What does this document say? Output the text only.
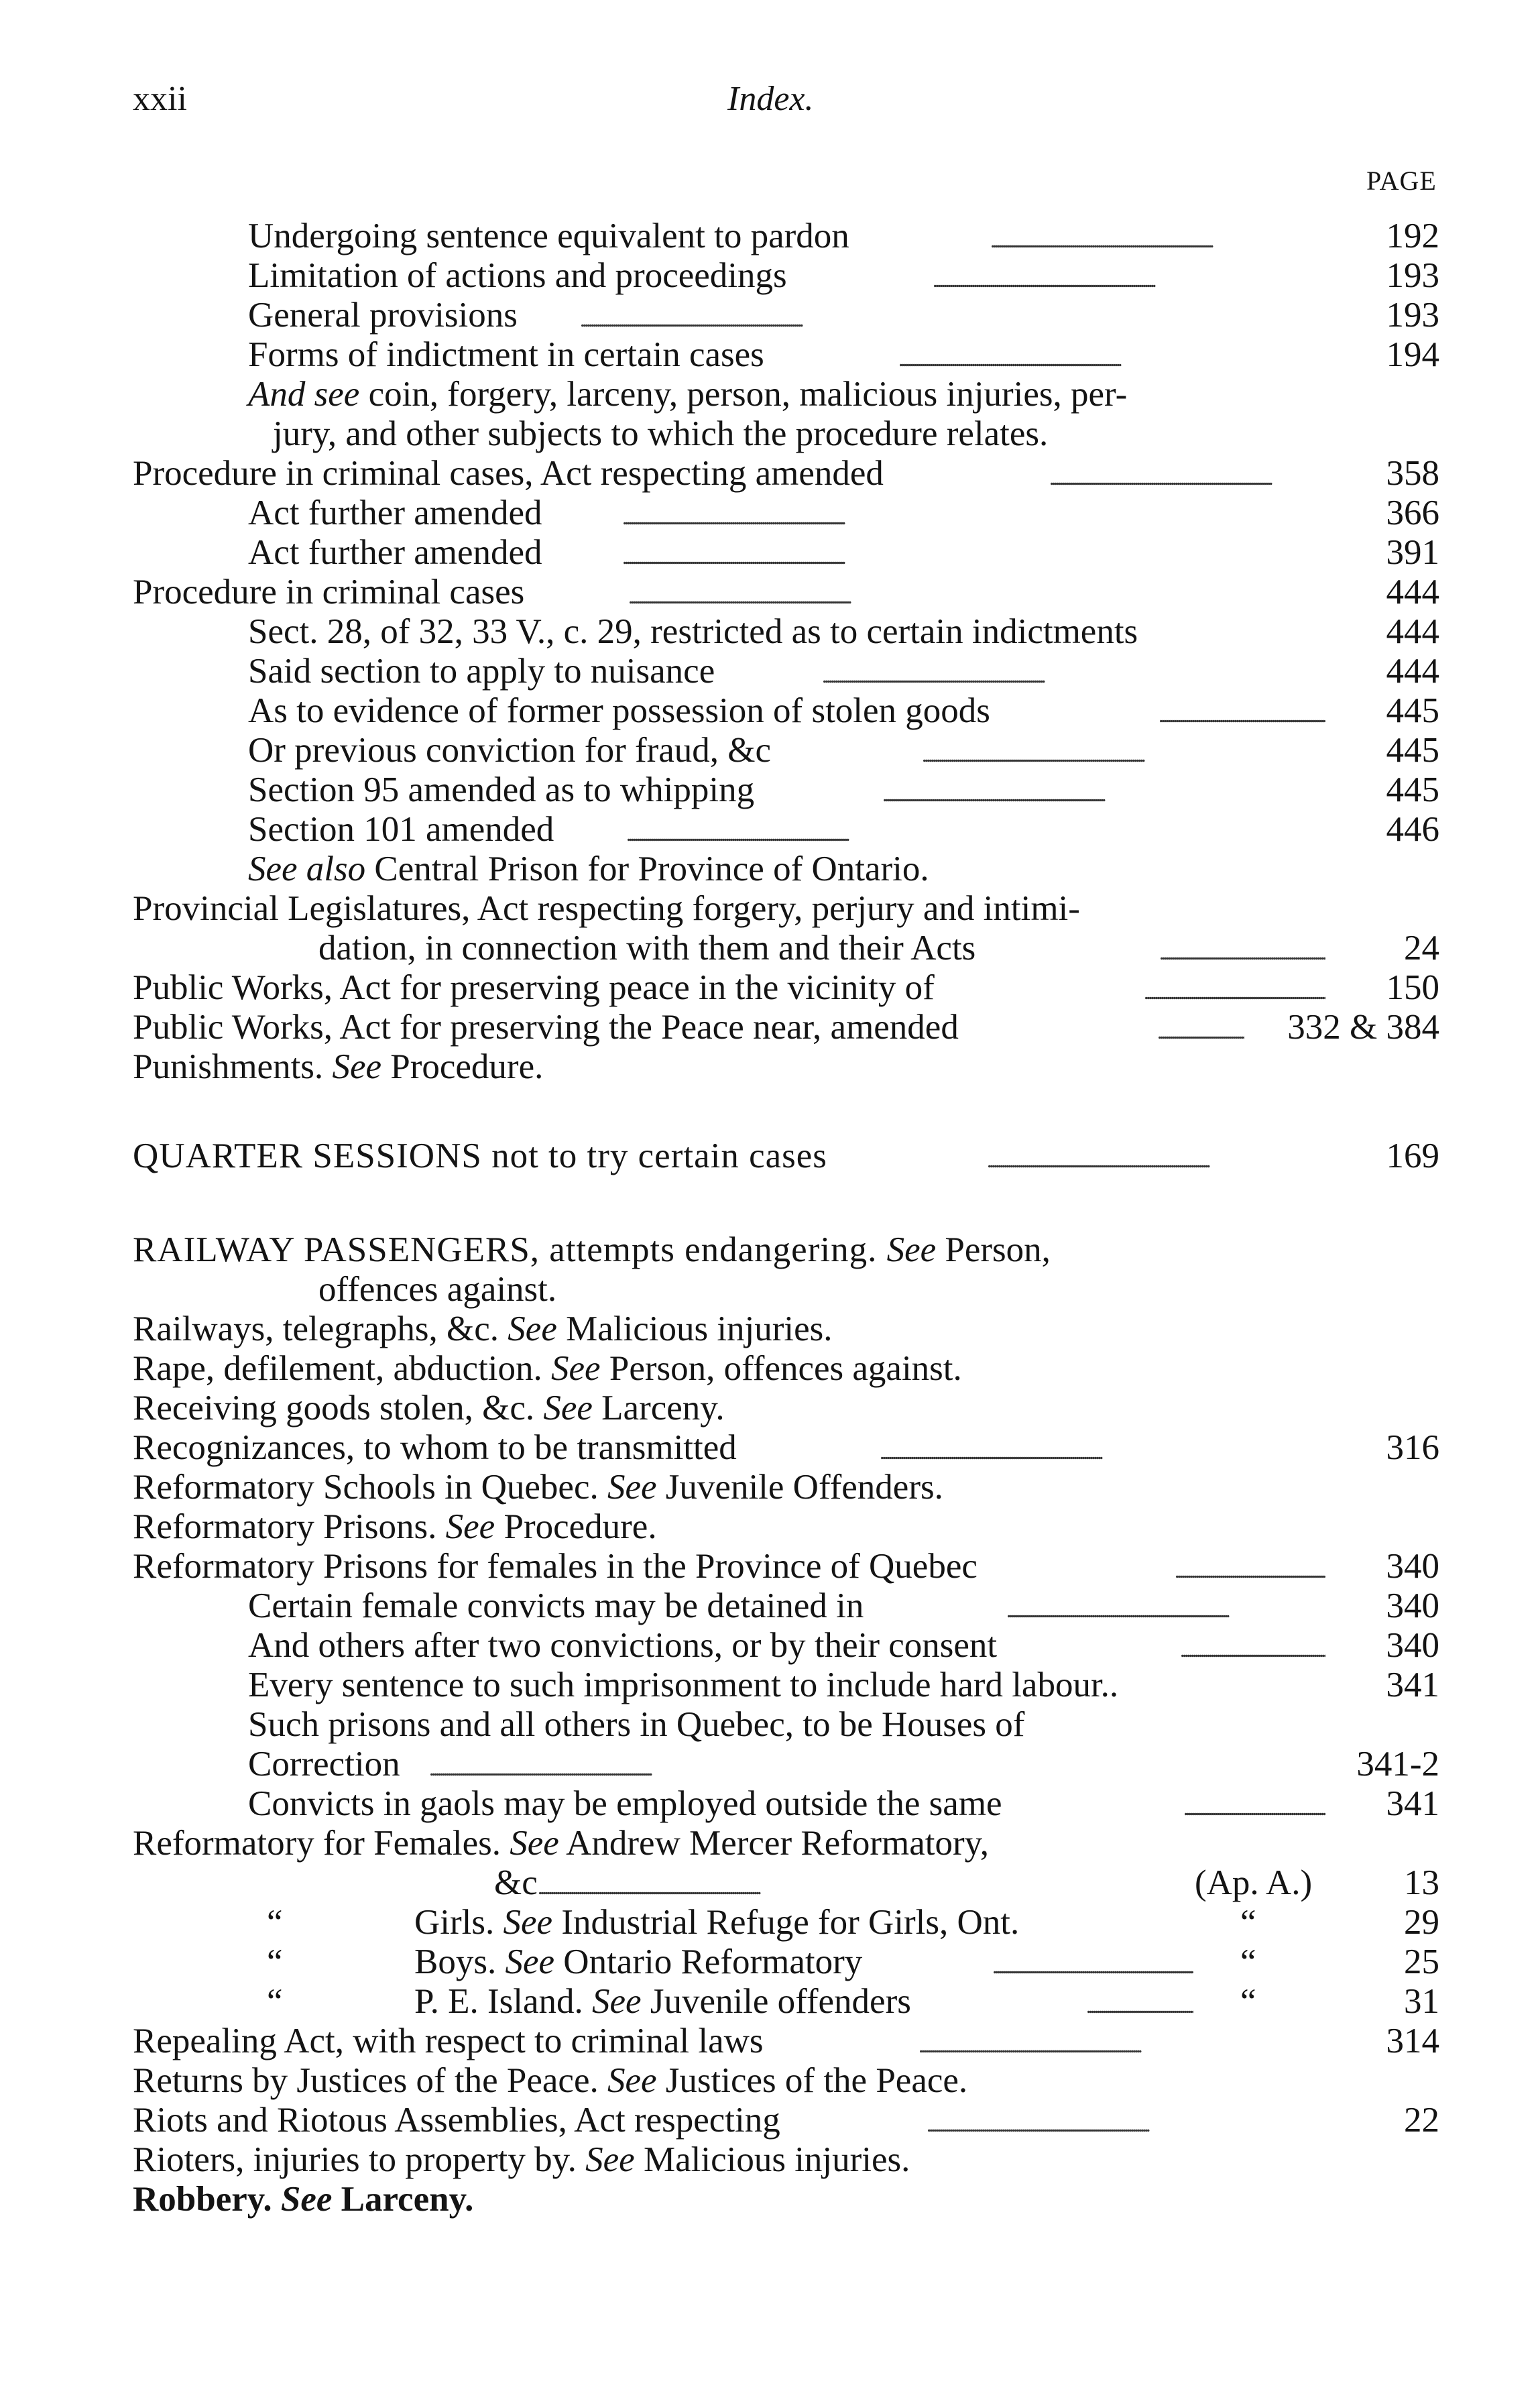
xxii	Index.
PAGE
Undergoing sentence equivalent to pardon . . .	192
Limitation of actions and proceedings . . .	193
General provisions . . .	193
Forms of indictment in certain cases . . .	194
And see coin, forgery, larceny, person, malicious injuries, per-
jury, and other subjects to which the procedure relates.
Procedure in criminal cases, Act respecting amended . . .	358
Act further amended . . .	366
Act further amended . . .	391
Procedure in criminal cases . . .	444
Sect. 28, of 32, 33 V., c. 29, restricted as to certain indictments	444
Said section to apply to nuisance . . .	444
As to evidence of former possession of stolen goods . . .	445
Or previous conviction for fraud, &c . . .	445
Section 95 amended as to whipping . . .	445
Section 101 amended . . .	446
See also Central Prison for Province of Ontario.
Provincial Legislatures, Act respecting forgery, perjury and intimi-
dation, in connection with them and their Acts . . .	24
Public Works, Act for preserving peace in the vicinity of . . .	150
Public Works, Act for preserving the Peace near, amended . . .	332 & 384
Punishments. See Procedure.
QUARTER SESSIONS not to try certain cases . . .	169
RAILWAY PASSENGERS, attempts endangering. See Person,
offences against.
Railways, telegraphs, &c. See Malicious injuries.
Rape, defilement, abduction. See Person, offences against.
Receiving goods stolen, &c. See Larceny.
Recognizances, to whom to be transmitted . . .	316
Reformatory Schools in Quebec. See Juvenile Offenders.
Reformatory Prisons. See Procedure.
Reformatory Prisons for females in the Province of Quebec . . .	340
Certain female convicts may be detained in . . .	340
And others after two convictions, or by their consent . . .	340
Every sentence to such imprisonment to include hard labour..	341
Such prisons and all others in Quebec, to be Houses of
Correction . . .	341-2
Convicts in gaols may be employed outside the same . . .	341
Reformatory for Females. See Andrew Mercer Reformatory,
&c . . .	(Ap. A.)	13
“	Girls. See Industrial Refuge for Girls, Ont.	“	29
“	Boys. See Ontario Reformatory . . .	“	25
“	P. E. Island. See Juvenile offenders . . .	“	31
Repealing Act, with respect to criminal laws . . .	314
Returns by Justices of the Peace. See Justices of the Peace.
Riots and Riotous Assemblies, Act respecting . . .	22
Rioters, injuries to property by. See Malicious injuries.
Robbery. See Larceny.
